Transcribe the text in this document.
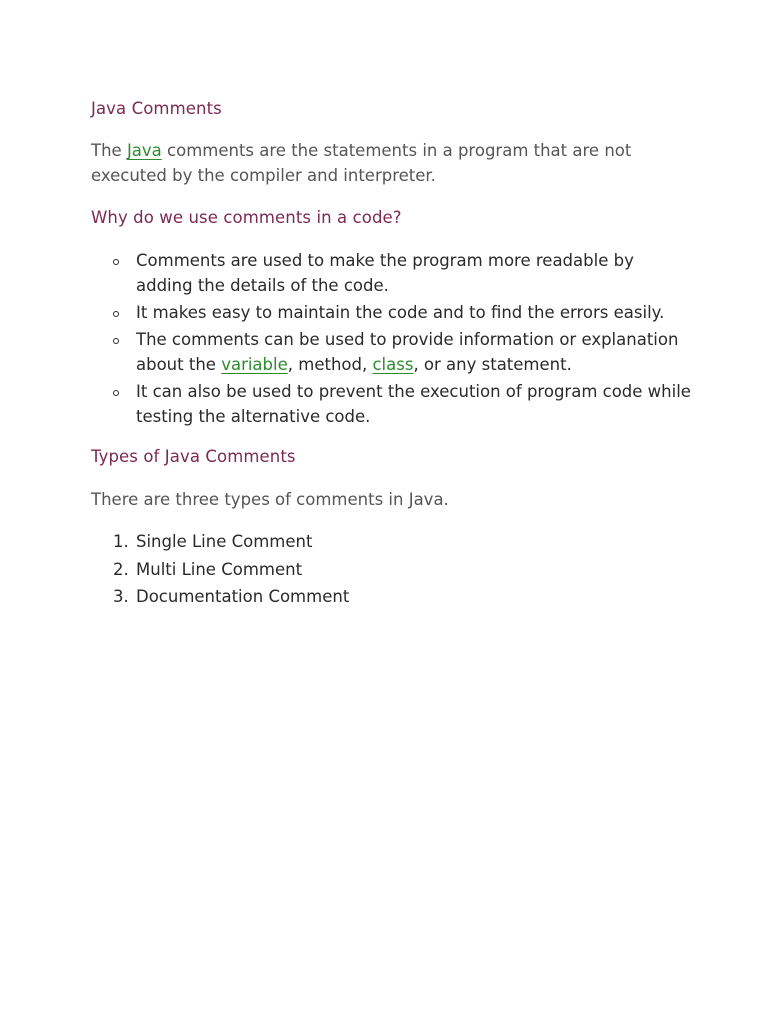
Java Comments

The Java comments are the statements in a program that are not executed by the compiler and interpreter.

Why do we use comments in a code?
Comments are used to make the program more readable by adding the details of the code.
It makes easy to maintain the code and to find the errors easily.
The comments can be used to provide information or explanation about the variable, method, class, or any statement.
It can also be used to prevent the execution of program code while testing the alternative code.
Types of Java Comments

There are three types of comments in Java.

1. Single Line Comment
2. Multi Line Comment
3. Documentation Comment
